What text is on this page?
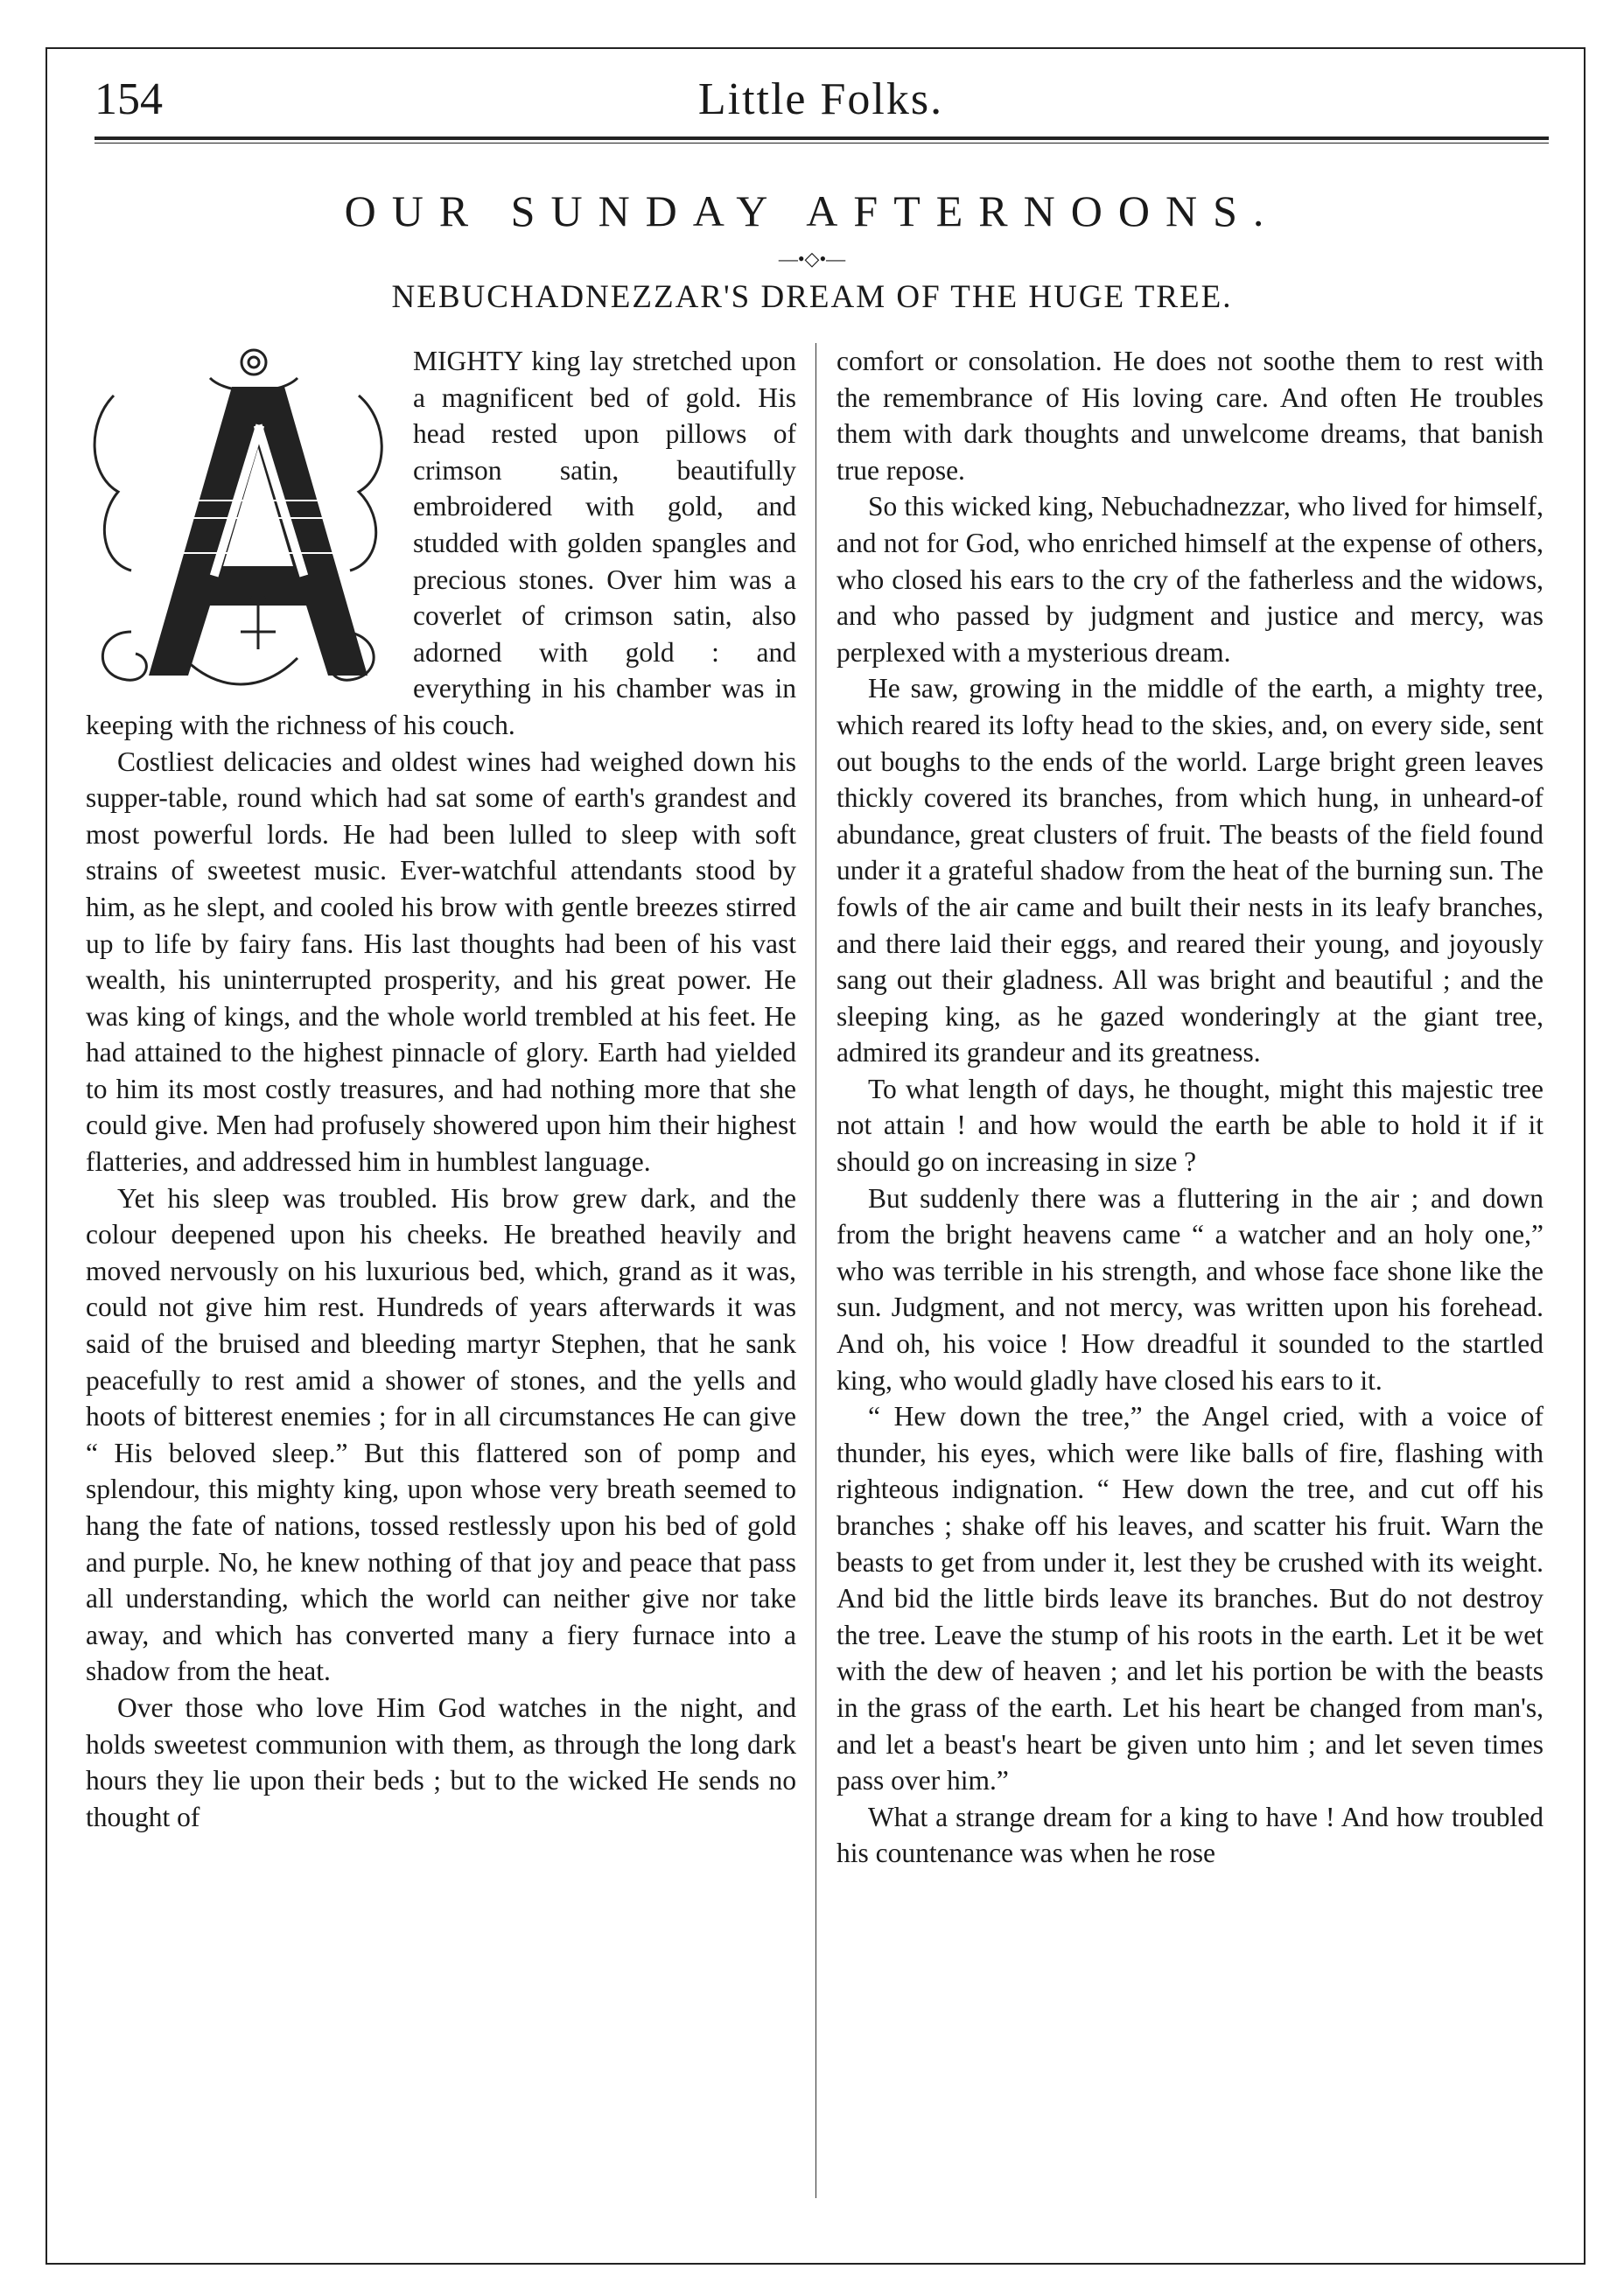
154	Little Folks.
OUR SUNDAY AFTERNOONS.
—•◇•—
NEBUCHADNEZZAR'S DREAM OF THE HUGE TREE.

MIGHTY king lay stretched upon a magnificent bed of gold. His head rested upon pillows of crimson satin, beautifully embroidered with gold, and studded with golden spangles and precious stones. Over him was a coverlet of crimson satin, also adorned with gold : and everything in his chamber was in keeping with the richness of his couch.

Costliest delicacies and oldest wines had weighed down his supper-table, round which had sat some of earth's grandest and most powerful lords. He had been lulled to sleep with soft strains of sweetest music. Ever-watchful attendants stood by him, as he slept, and cooled his brow with gentle breezes stirred up to life by fairy fans. His last thoughts had been of his vast wealth, his uninterrupted prosperity, and his great power. He was king of kings, and the whole world trembled at his feet. He had attained to the highest pinnacle of glory. Earth had yielded to him its most costly treasures, and had nothing more that she could give. Men had profusely showered upon him their highest flatteries, and addressed him in humblest language.

Yet his sleep was troubled. His brow grew dark, and the colour deepened upon his cheeks. He breathed heavily and moved nervously on his luxurious bed, which, grand as it was, could not give him rest. Hundreds of years afterwards it was said of the bruised and bleeding martyr Stephen, that he sank peacefully to rest amid a shower of stones, and the yells and hoots of bitterest enemies ; for in all circumstances He can give “ His beloved sleep.” But this flattered son of pomp and splendour, this mighty king, upon whose very breath seemed to hang the fate of nations, tossed restlessly upon his bed of gold and purple. No, he knew nothing of that joy and peace that pass all understanding, which the world can neither give nor take away, and which has converted many a fiery furnace into a shadow from the heat.

Over those who love Him God watches in the night, and holds sweetest communion with them, as through the long dark hours they lie upon their beds ; but to the wicked He sends no thought of

comfort or consolation. He does not soothe them to rest with the remembrance of His loving care. And often He troubles them with dark thoughts and unwelcome dreams, that banish true repose.

So this wicked king, Nebuchadnezzar, who lived for himself, and not for God, who enriched himself at the expense of others, who closed his ears to the cry of the fatherless and the widows, and who passed by judgment and justice and mercy, was perplexed with a mysterious dream.

He saw, growing in the middle of the earth, a mighty tree, which reared its lofty head to the skies, and, on every side, sent out boughs to the ends of the world. Large bright green leaves thickly covered its branches, from which hung, in unheard-of abundance, great clusters of fruit. The beasts of the field found under it a grateful shadow from the heat of the burning sun. The fowls of the air came and built their nests in its leafy branches, and there laid their eggs, and reared their young, and joyously sang out their gladness. All was bright and beautiful ; and the sleeping king, as he gazed wonderingly at the giant tree, admired its grandeur and its greatness.

To what length of days, he thought, might this majestic tree not attain ! and how would the earth be able to hold it if it should go on increasing in size ?

But suddenly there was a fluttering in the air ; and down from the bright heavens came “ a watcher and an holy one,” who was terrible in his strength, and whose face shone like the sun. Judgment, and not mercy, was written upon his forehead. And oh, his voice ! How dreadful it sounded to the startled king, who would gladly have closed his ears to it.

“ Hew down the tree,” the Angel cried, with a voice of thunder, his eyes, which were like balls of fire, flashing with righteous indignation. “ Hew down the tree, and cut off his branches ; shake off his leaves, and scatter his fruit. Warn the beasts to get from under it, lest they be crushed with its weight. And bid the little birds leave its branches. But do not destroy the tree. Leave the stump of his roots in the earth. Let it be wet with the dew of heaven ; and let his portion be with the beasts in the grass of the earth. Let his heart be changed from man's, and let a beast's heart be given unto him ; and let seven times pass over him.”

What a strange dream for a king to have ! And how troubled his countenance was when he rose
